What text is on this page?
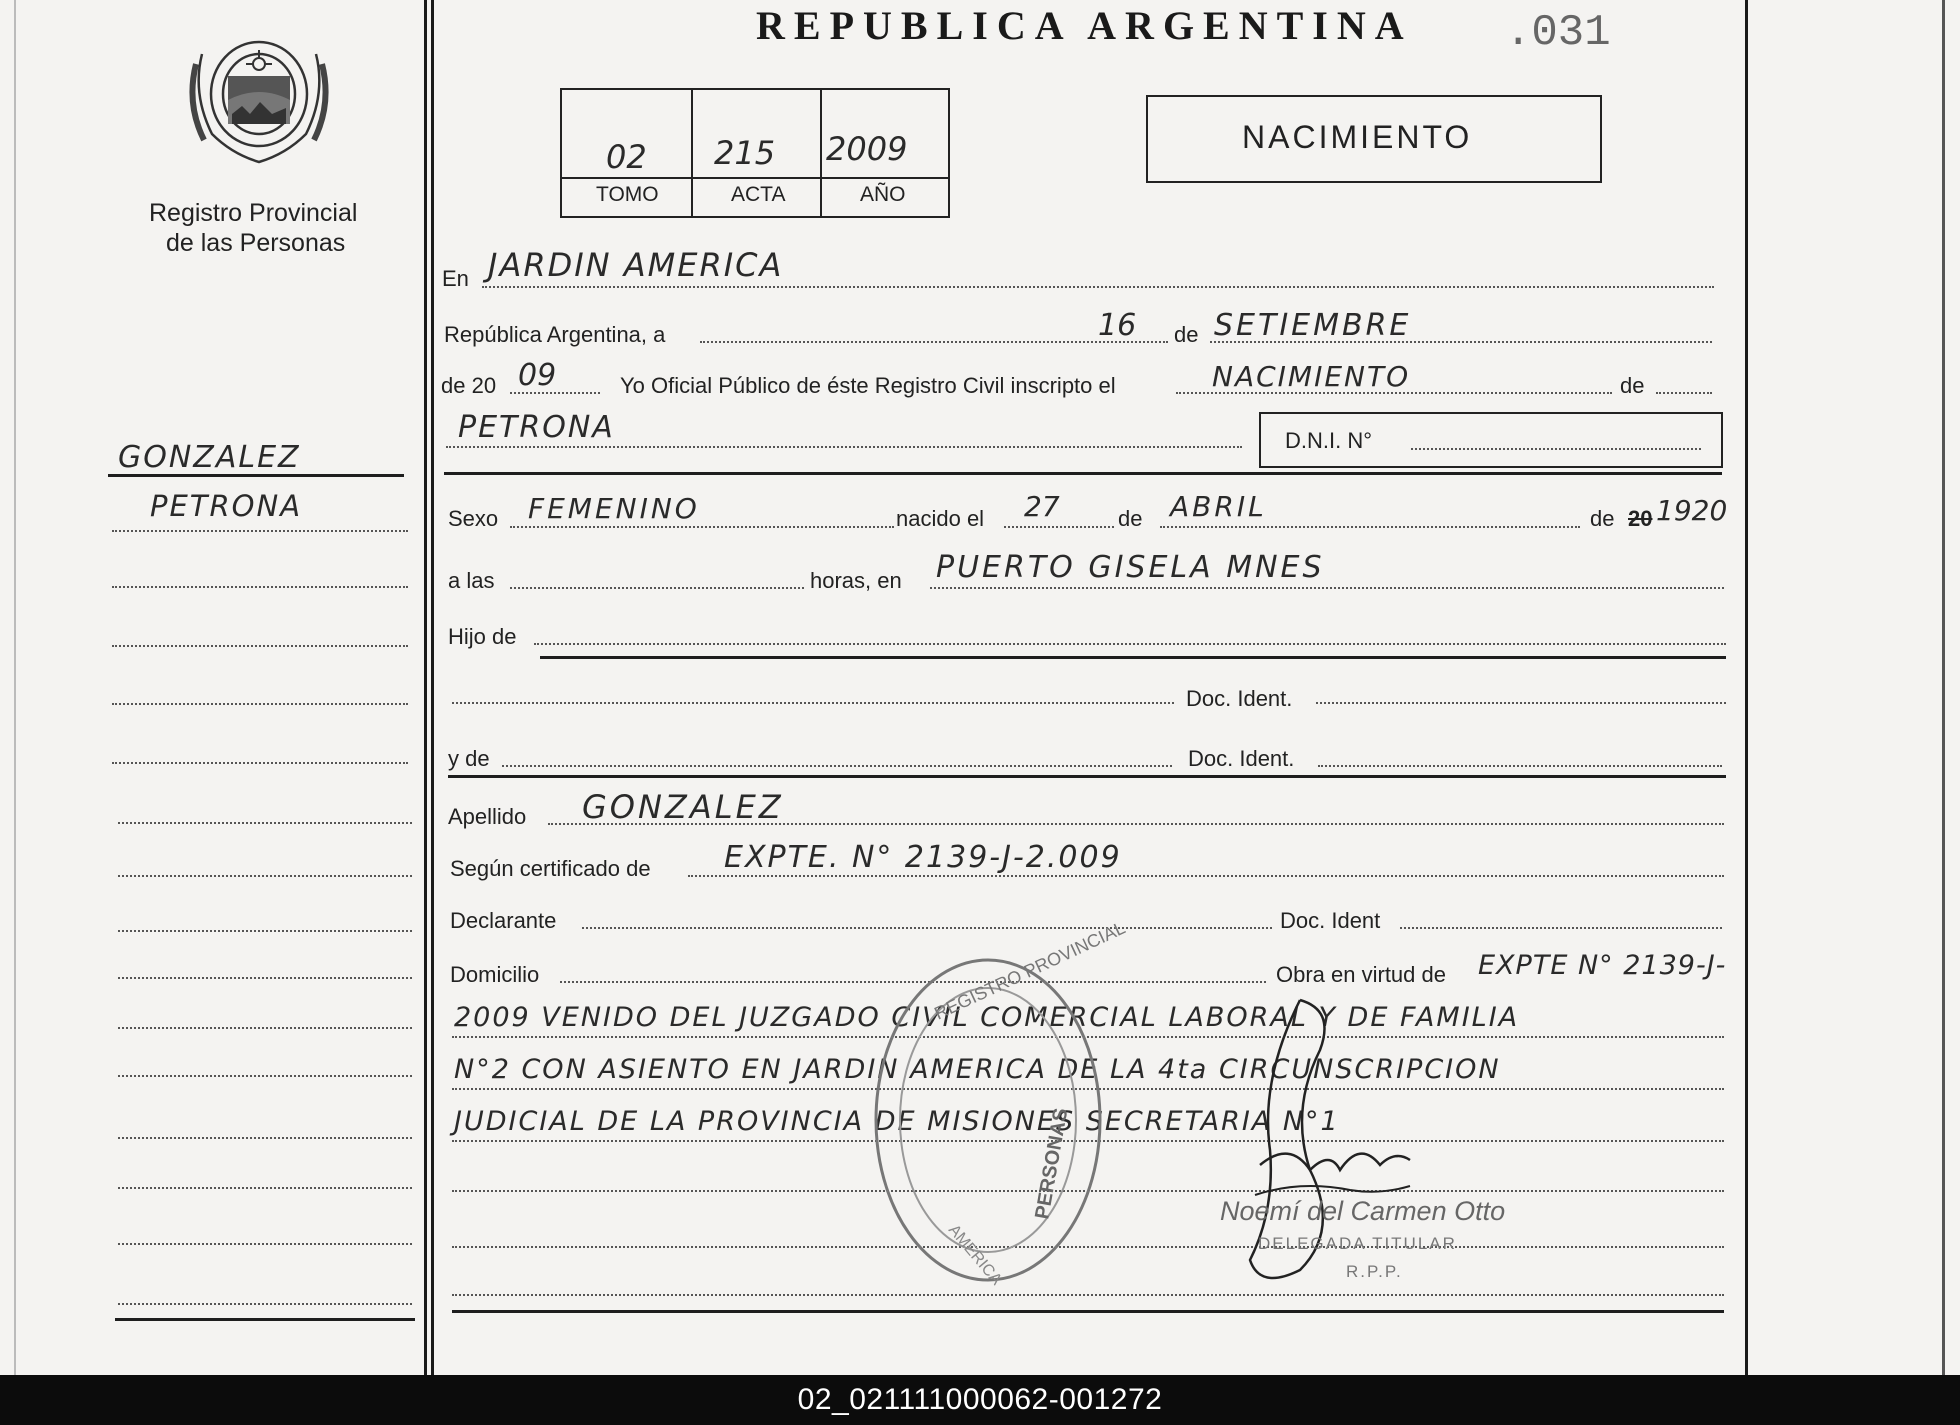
Registro Provincial
de las Personas
GONZALEZ
PETRONA
REPUBLICA ARGENTINA .031
02 215 2009
TOMO	ACTA	AÑO
NACIMIENTO
En JARDIN AMERICA
República Argentina, a	16 de SETIEMBRE
de 20 09	Yo Oficial Público de éste Registro Civil inscripto el	NACIMIENTO	de
PETRONA	D.N.I. N°
Sexo FEMENINO	nacido el 27	de ABRIL	de 20 1920
a las	horas, en PUERTO GISELA MNES
Hijo de
Doc. Ident.
y de	Doc. Ident.
Apellido GONZALEZ
Según certificado de EXPTE. N° 2139-J-2.009
Declarante	Doc. Ident
Domicilio	Obra en virtud de EXPTE N° 2139-J-
2009 VENIDO DEL JUZGADO CIVIL COMERCIAL LABORAL Y DE FAMILIA
N°2 CON ASIENTO EN JARDIN AMERICA DE LA 4ta CIRCUNSCRIPCION
JUDICIAL DE LA PROVINCIA DE MISIONES SECRETARIA N°1
REGISTRO PROVINCIAL
PERSONAS
AMERICA
Noemí del Carmen Otto
DELEGADA TITULAR
R.P.P.
02_021111000062-001272
